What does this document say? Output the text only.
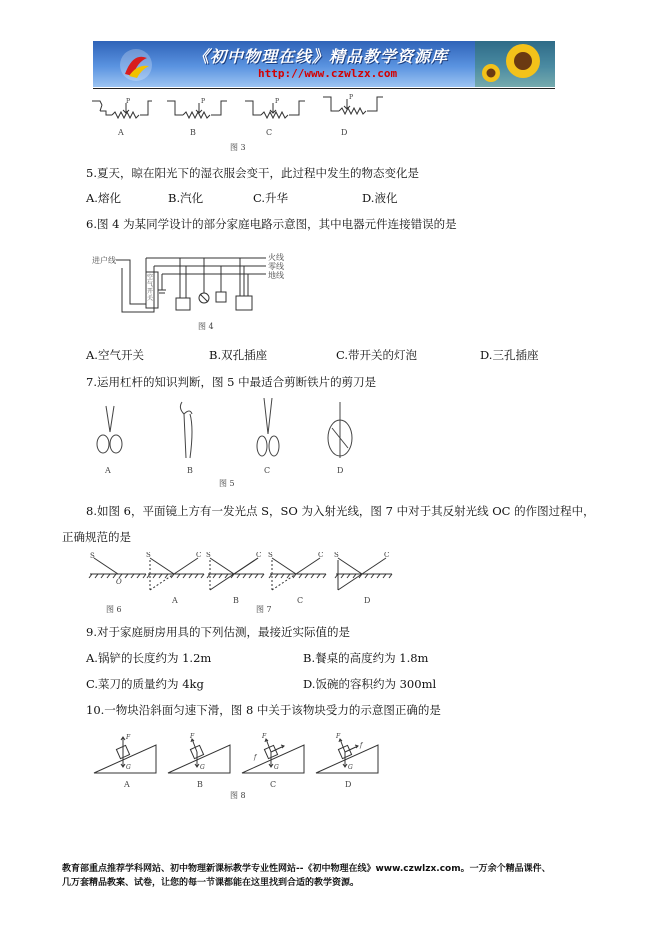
《初中物理在线》精品教学资源库
http://www.czwlzx.com
P	P	P
P
A	B	C	D
图 3
5.夏天，晾在阳光下的湿衣服会变干，此过程中发生的物态变化是
A.熔化	B.汽化	C.升华	D.液化
6.图 4 为某同学设计的部分家庭电路示意图，其中电器元件连接错误的是
进户线	火线
零线
地线
空气开关
图 4
A.空气开关	B.双孔插座	C.带开关的灯泡	D.三孔插座
7.运用杠杆的知识判断，图 5 中最适合剪断铁片的剪刀是
A	B	C	D
图 5
8.如图 6，平面镜上方有一发光点 S，SO 为入射光线，图 7 中对于其反射光线 OC 的作图过程中，
正确规范的是
S
O
S	C S	C S	C S	C
图 6
A	B	C	D
图 7
9.对于家庭厨房用具的下列估测，最接近实际值的是
A.锅铲的长度约为 1.2m	B.餐桌的高度约为 1.8m
C.菜刀的质量约为 4kg	D.饭碗的容积约为 300ml
10.一物块沿斜面匀速下滑，图 8 中关于该物块受力的示意图正确的是
F
G
F
G
F
f
G
F
f
G
A	B	C	D
图 8
教育部重点推荐学科网站、初中物理新课标教学专业性网站--《初中物理在线》www.czwlzx.com。一万余个精品课件、
几万套精品教案、试卷，让您的每一节课都能在这里找到合适的教学资源。
